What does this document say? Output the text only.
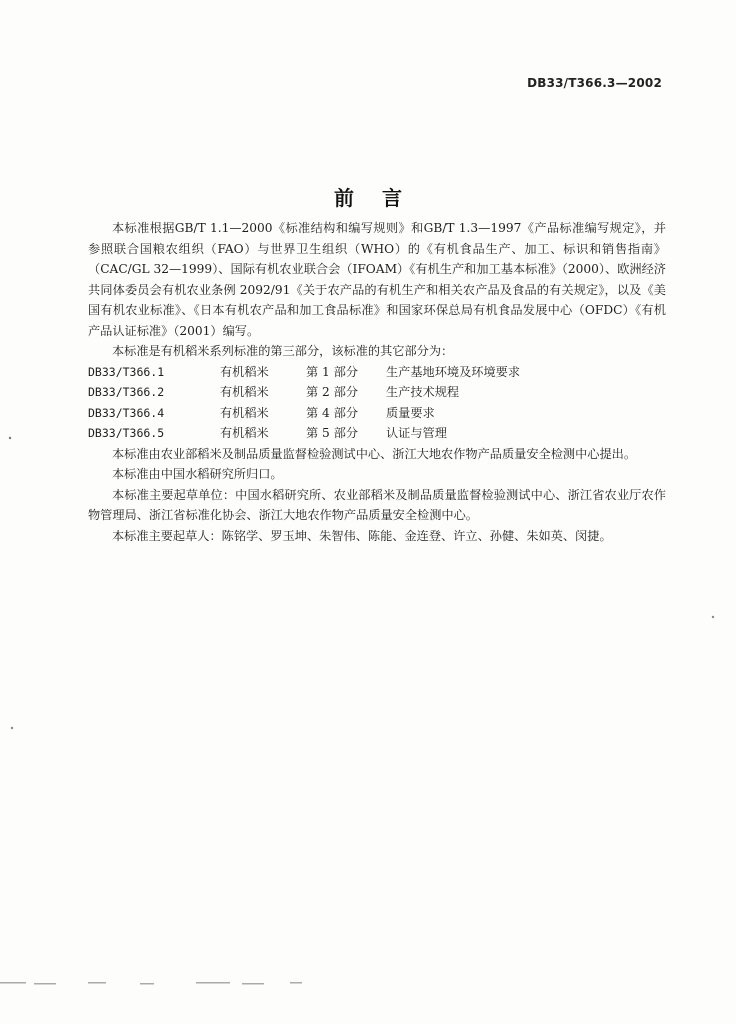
DB33/T366.3—2002
前言

本标准根据GB/T 1.1—2000《标准结构和编写规则》和GB/T 1.3—1997《产品标准编写规定》，并参照联合国粮农组织（FAO）与世界卫生组织（WHO）的《有机食品生产、加工、标识和销售指南》（CAC/GL 32—1999）、国际有机农业联合会（IFOAM）《有机生产和加工基本标准》（2000）、欧洲经济共同体委员会有机农业条例 2092/91《关于农产品的有机生产和相关农产品及食品的有关规定》，以及《美国有机农业标准》、《日本有机农产品和加工食品标准》和国家环保总局有机食品发展中心（OFDC）《有机产品认证标准》（2001）编写。

本标准是有机稻米系列标准的第三部分，该标准的其它部分为：

DB33/T366.1	有机稻米	第 1 部分	生产基地环境及环境要求
DB33/T366.2	有机稻米	第 2 部分	生产技术规程
DB33/T366.4	有机稻米	第 4 部分	质量要求
DB33/T366.5	有机稻米	第 5 部分	认证与管理

本标准由农业部稻米及制品质量监督检验测试中心、浙江大地农作物产品质量安全检测中心提出。

本标准由中国水稻研究所归口。

本标准主要起草单位：中国水稻研究所、农业部稻米及制品质量监督检验测试中心、浙江省农业厅农作物管理局、浙江省标准化协会、浙江大地农作物产品质量安全检测中心。

本标准主要起草人：陈铭学、罗玉坤、朱智伟、陈能、金连登、许立、孙健、朱如英、闵捷。
